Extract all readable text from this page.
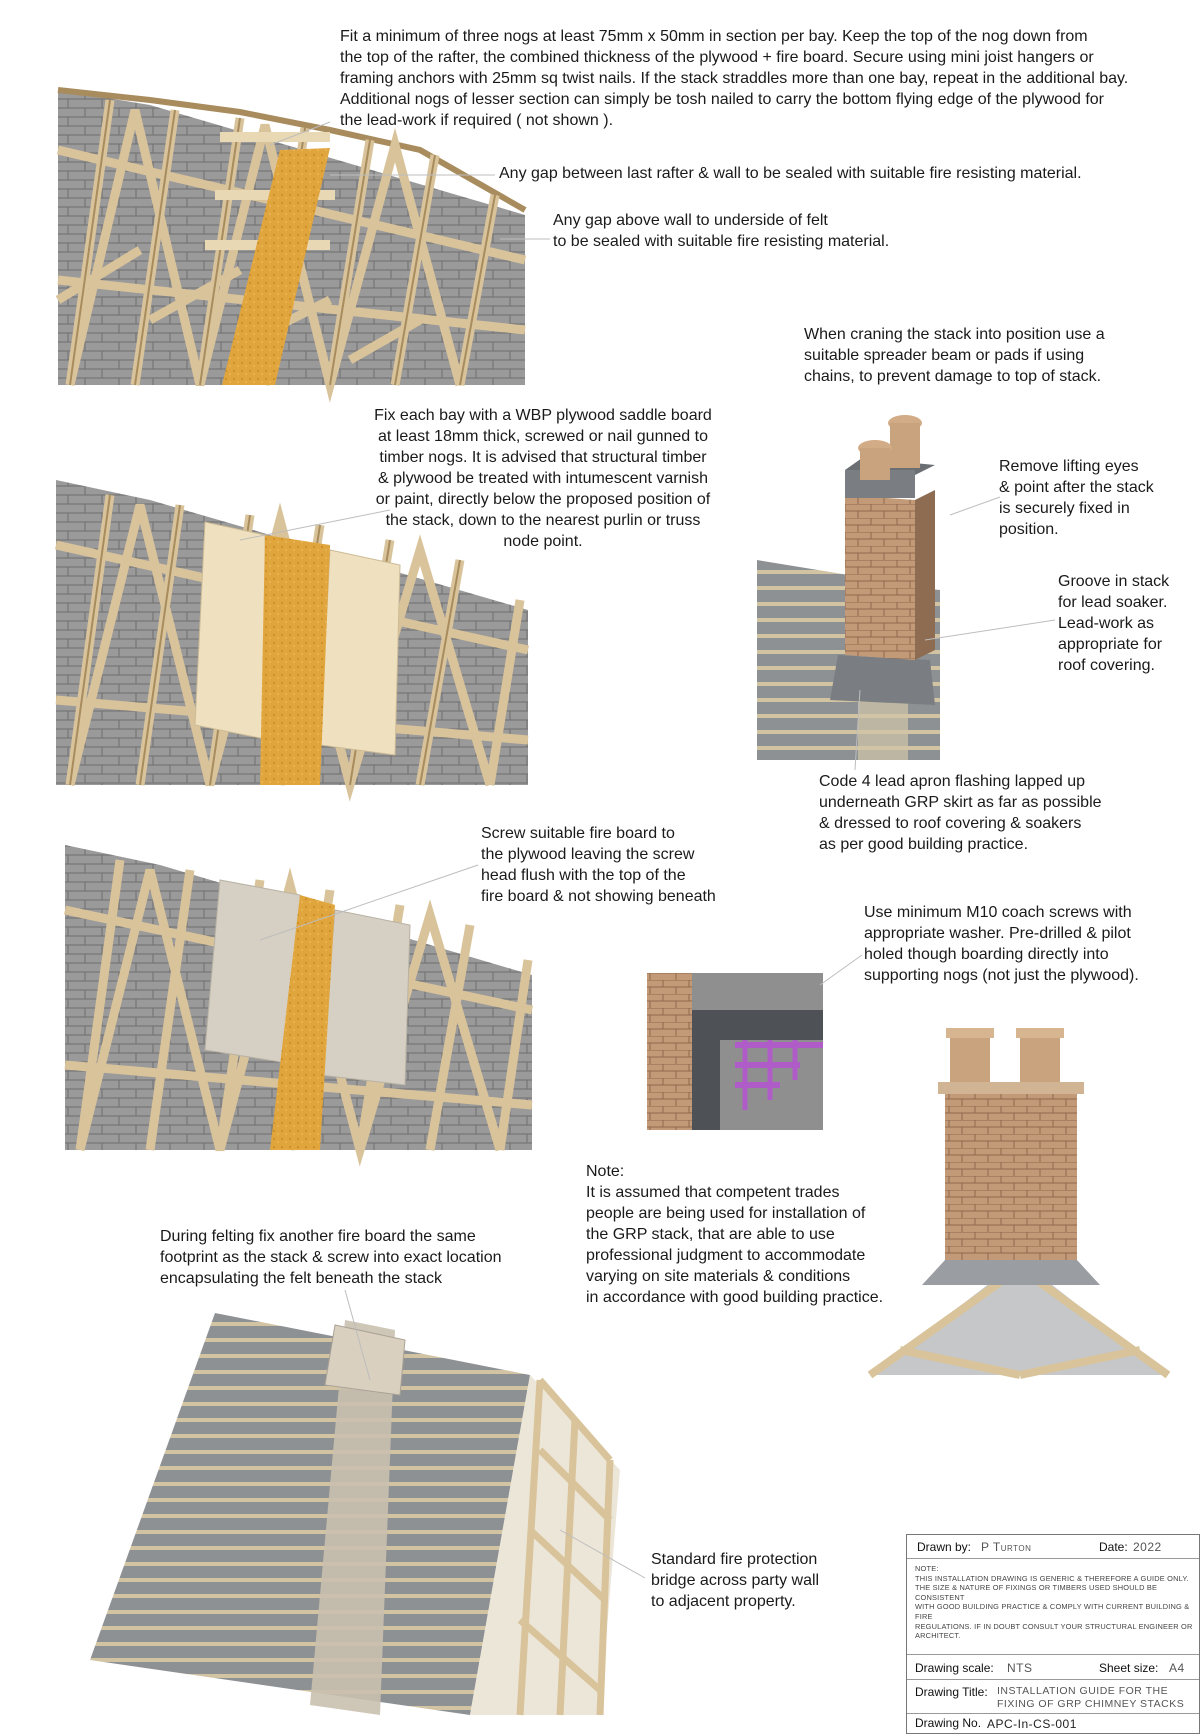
Fit a minimum of three nogs at least 75mm x 50mm in section per bay. Keep the top of the nog down from
the top of the rafter, the combined thickness of the plywood + fire board. Secure using mini joist hangers or
framing anchors with 25mm sq twist nails. If the stack straddles more than one bay, repeat in the additional bay.
Additional nogs of lesser section can simply be tosh nailed to carry the bottom flying edge of the plywood for
the lead-work if required ( not shown ).
Any gap between last rafter & wall to be sealed with suitable fire resisting material.
Any gap above wall to underside of felt
to be sealed with suitable fire resisting material.
When craning the stack into position use a
suitable spreader beam or pads if using
chains, to prevent damage to top of stack.
Fix each bay with a WBP plywood saddle board
at least 18mm thick, screwed or nail gunned to
timber nogs. It is advised that structural timber
& plywood be treated with intumescent varnish
or paint, directly below the proposed position of
the stack, down to the nearest purlin or truss
node point.
Remove lifting eyes
& point after the stack
is securely fixed in
position.
Groove in stack
for lead soaker.
Lead-work as
appropriate for
roof covering.
Code 4 lead apron flashing lapped up
underneath GRP skirt as far as possible
& dressed to roof covering & soakers
as per good building practice.
Screw suitable fire board to
the plywood leaving the screw
head flush with the top of the
fire board & not showing beneath
Use minimum M10 coach screws with
appropriate washer. Pre-drilled & pilot
holed though boarding directly into
supporting nogs (not just the plywood).
Note:
It is assumed that competent trades
people are being used for installation of
the GRP stack, that are able to use
professional judgment to accommodate
varying on site materials & conditions
in accordance with good building practice.
During felting fix another fire board the same
footprint as the stack & screw into exact location
encapsulating the felt beneath the stack
Standard fire protection
bridge across party wall
to adjacent property.
Drawn by: P Turton	Date: 2022
NOTE:
THIS INSTALLATION DRAWING IS GENERIC & THEREFORE A GUIDE ONLY.
THE SIZE & NATURE OF FIXINGS OR TIMBERS USED SHOULD BE CONSISTENT
WITH GOOD BUILDING PRACTICE & COMPLY WITH CURRENT BUILDING & FIRE
REGULATIONS. IF IN DOUBT CONSULT YOUR STRUCTURAL ENGINEER OR
ARCHITECT.
Drawing scale: NTS	Sheet size: A4
Drawing Title: INSTALLATION GUIDE FOR THE
FIXING OF GRP CHIMNEY STACKS
Drawing No. APC-In-CS-001
